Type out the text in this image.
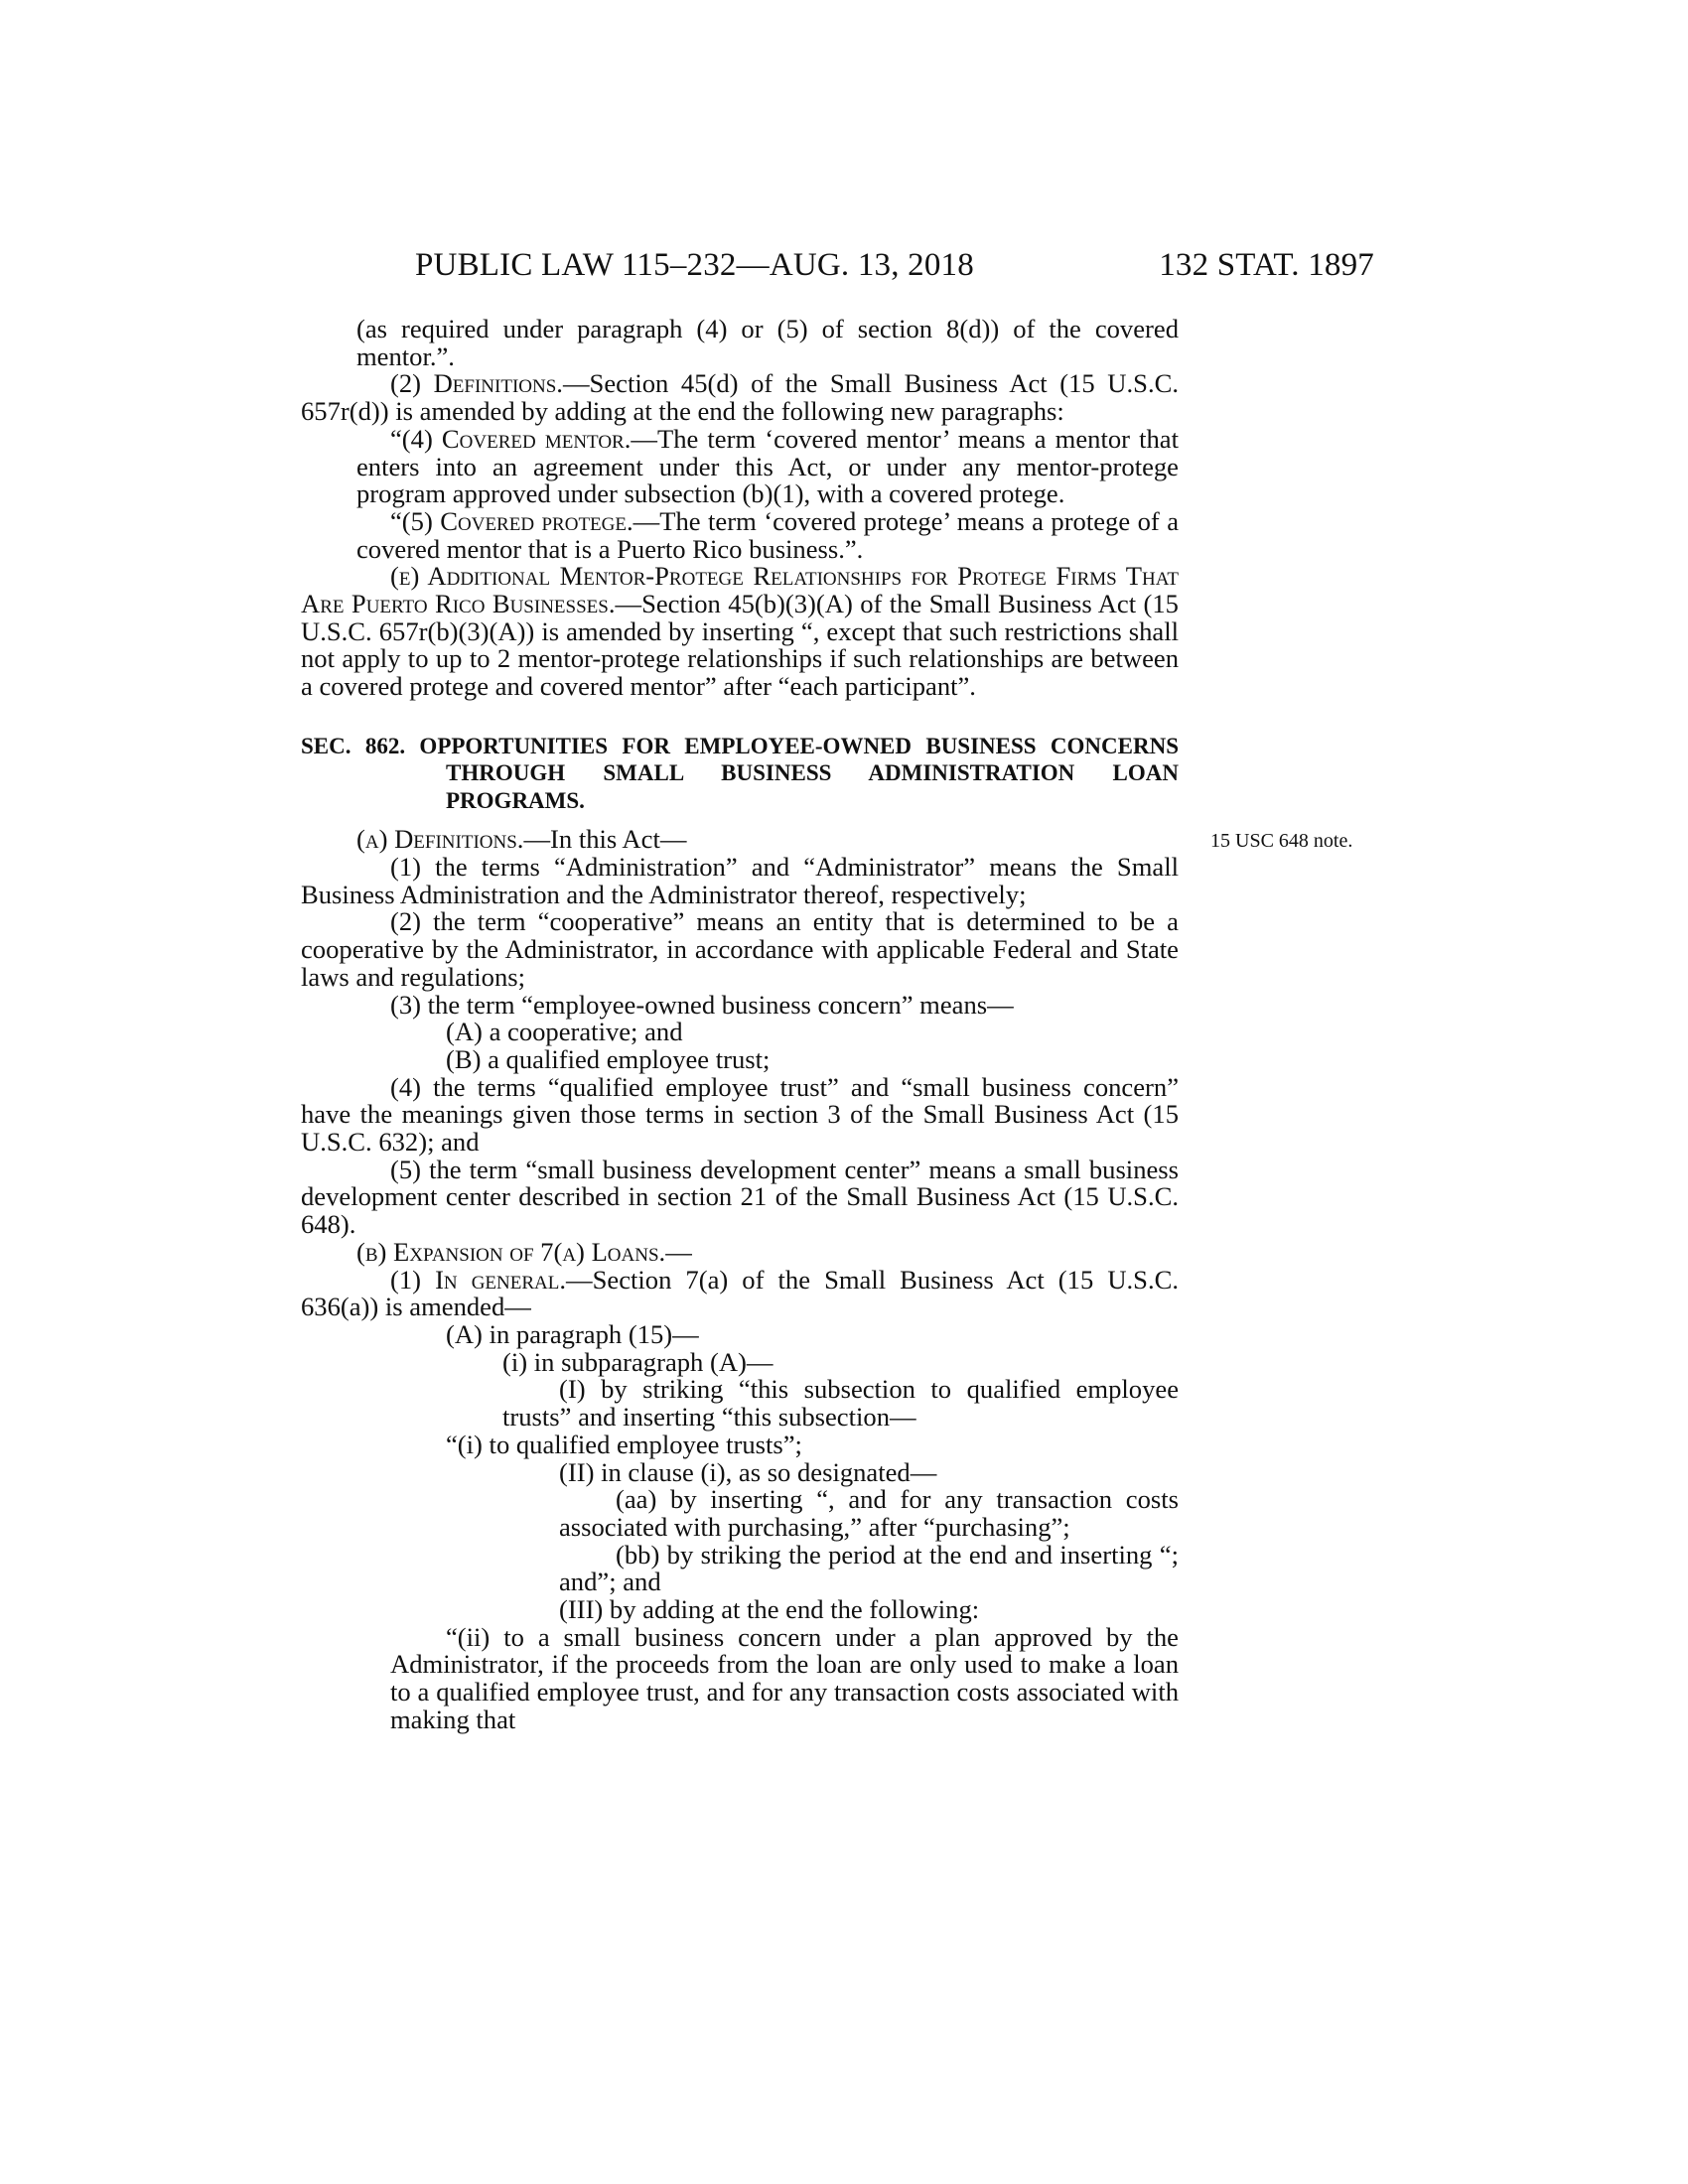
PUBLIC LAW 115–232—AUG. 13, 2018	132 STAT. 1897

(as required under paragraph (4) or (5) of section 8(d)) of the covered mentor.”.

(2) Definitions.—Section 45(d) of the Small Business Act (15 U.S.C. 657r(d)) is amended by adding at the end the following new paragraphs:

“(4) Covered mentor.—The term ‘covered mentor’ means a mentor that enters into an agreement under this Act, or under any mentor-protege program approved under subsection (b)(1), with a covered protege.

“(5) Covered protege.—The term ‘covered protege’ means a protege of a covered mentor that is a Puerto Rico business.”.

(e) Additional Mentor-Protege Relationships for Protege Firms That Are Puerto Rico Businesses.—Section 45(b)(3)(A) of the Small Business Act (15 U.S.C. 657r(b)(3)(A)) is amended by inserting “, except that such restrictions shall not apply to up to 2 mentor-protege relationships if such relationships are between a covered protege and covered mentor” after “each participant”.

SEC. 862. OPPORTUNITIES FOR EMPLOYEE-OWNED BUSINESS CONCERNS THROUGH SMALL BUSINESS ADMINISTRATION LOAN PROGRAMS.

(a) Definitions.—In this Act—	15 USC 648 note.

(1) the terms “Administration” and “Administrator” means the Small Business Administration and the Administrator thereof, respectively;

(2) the term “cooperative” means an entity that is determined to be a cooperative by the Administrator, in accordance with applicable Federal and State laws and regulations;

(3) the term “employee-owned business concern” means—

(A) a cooperative; and

(B) a qualified employee trust;

(4) the terms “qualified employee trust” and “small business concern” have the meanings given those terms in section 3 of the Small Business Act (15 U.S.C. 632); and

(5) the term “small business development center” means a small business development center described in section 21 of the Small Business Act (15 U.S.C. 648).

(b) Expansion of 7(a) Loans.—

(1) In general.—Section 7(a) of the Small Business Act (15 U.S.C. 636(a)) is amended—

(A) in paragraph (15)—

(i) in subparagraph (A)—

(I) by striking “this subsection to qualified employee trusts” and inserting “this subsection—

“(i) to qualified employee trusts”;

(II) in clause (i), as so designated—

(aa) by inserting “, and for any transaction costs associated with purchasing,” after “purchasing”;

(bb) by striking the period at the end and inserting “; and”; and

(III) by adding at the end the following:

“(ii) to a small business concern under a plan approved by the Administrator, if the proceeds from the loan are only used to make a loan to a qualified employee trust, and for any transaction costs associated with making that
